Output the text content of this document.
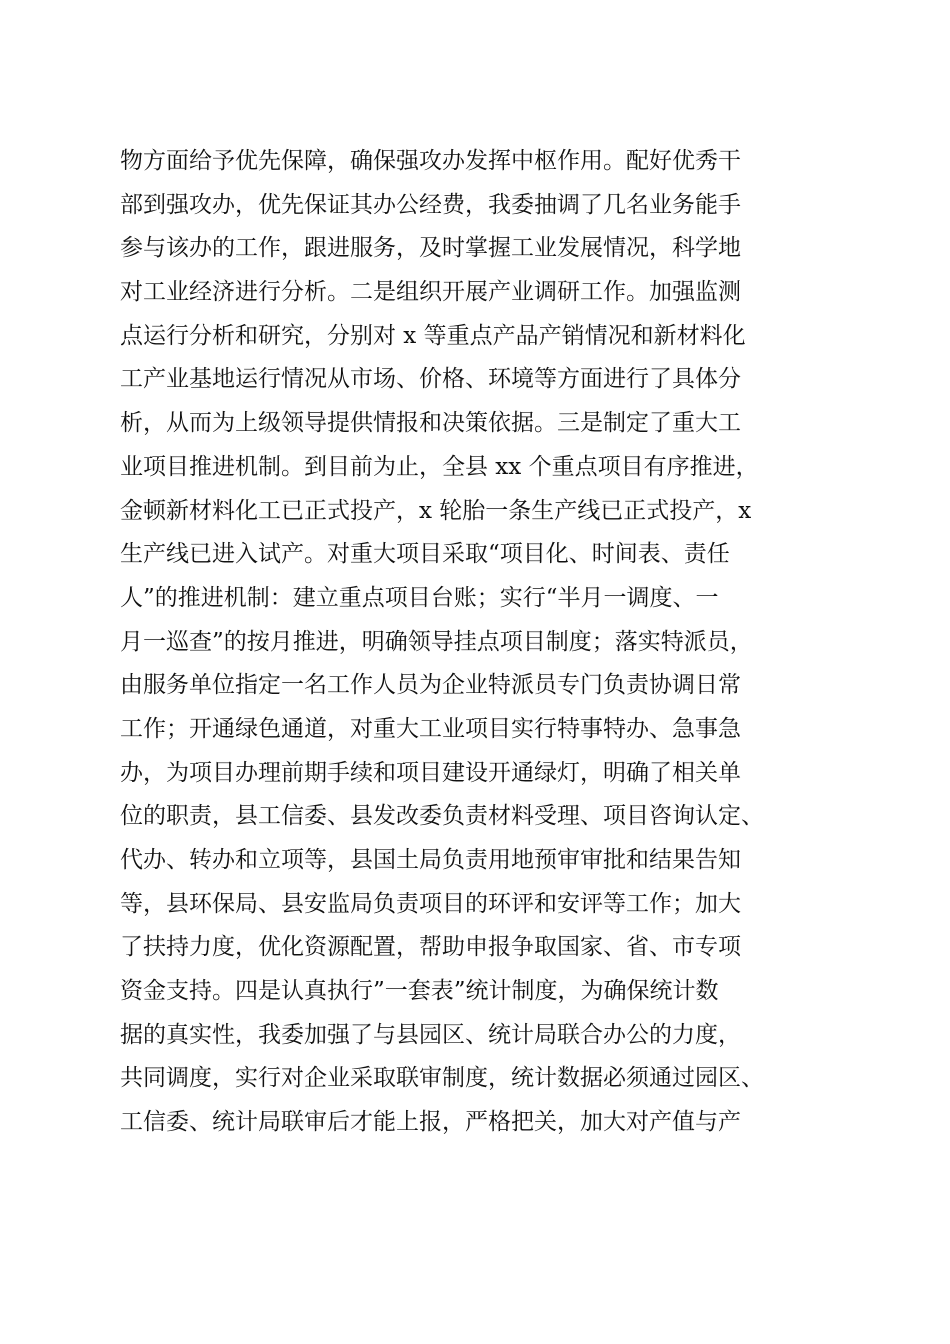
物方面给予优先保障，确保强攻办发挥中枢作用。配好优秀干
部到强攻办，优先保证其办公经费，我委抽调了几名业务能手
参与该办的工作，跟进服务，及时掌握工业发展情况，科学地
对工业经济进行分析。二是组织开展产业调研工作。加强监测
点运行分析和研究，分别对 x 等重点产品产销情况和新材料化
工产业基地运行情况从市场、价格、环境等方面进行了具体分
析，从而为上级领导提供情报和决策依据。三是制定了重大工
业项目推进机制。到目前为止，全县 xx 个重点项目有序推进，
金顿新材料化工已正式投产，x 轮胎一条生产线已正式投产，x
生产线已进入试产。对重大项目采取“项目化、时间表、责任
人”的推进机制：建立重点项目台账；实行“半月一调度、一
月一巡查”的按月推进，明确领导挂点项目制度；落实特派员，
由服务单位指定一名工作人员为企业特派员专门负责协调日常
工作；开通绿色通道，对重大工业项目实行特事特办、急事急
办，为项目办理前期手续和项目建设开通绿灯，明确了相关单
位的职责，县工信委、县发改委负责材料受理、项目咨询认定、
代办、转办和立项等，县国土局负责用地预审审批和结果告知
等，县环保局、县安监局负责项目的环评和安评等工作；加大
了扶持力度，优化资源配置，帮助申报争取国家、省、市专项
资金支持。四是认真执行”一套表”统计制度，为确保统计数
据的真实性，我委加强了与县园区、统计局联合办公的力度，
共同调度，实行对企业采取联审制度，统计数据必须通过园区、
工信委、统计局联审后才能上报，严格把关，加大对产值与产
